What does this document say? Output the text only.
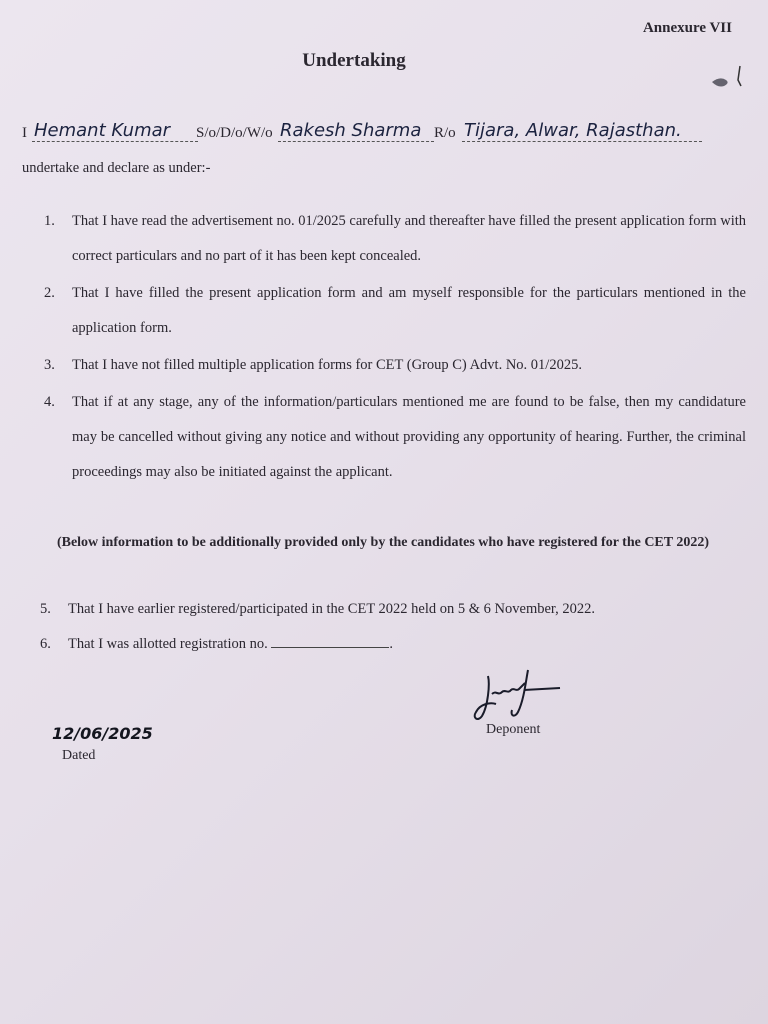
Annexure VII
Undertaking
I Hemant Kumar	S/o/D/o/W/o Rakesh Sharma R/o Tijara, Alwar, Rajasthan.
undertake and declare as under:-
1. That I have read the advertisement no. 01/2025 carefully and thereafter have filled the present application form with correct particulars and no part of it has been kept concealed.
2. That I have filled the present application form and am myself responsible for the particulars mentioned in the application form.
3. That I have not filled multiple application forms for CET (Group C) Advt. No. 01/2025.
4. That if at any stage, any of the information/particulars mentioned me are found to be false, then my candidature may be cancelled without giving any notice and without providing any opportunity of hearing. Further, the criminal proceedings may also be initiated against the applicant.
(Below information to be additionally provided only by the candidates who have registered for the CET 2022)
5. That I have earlier registered/participated in the CET 2022 held on 5 & 6 November, 2022.
6. That I was allotted registration no.	.
Deponent
12/06/2025
Dated
